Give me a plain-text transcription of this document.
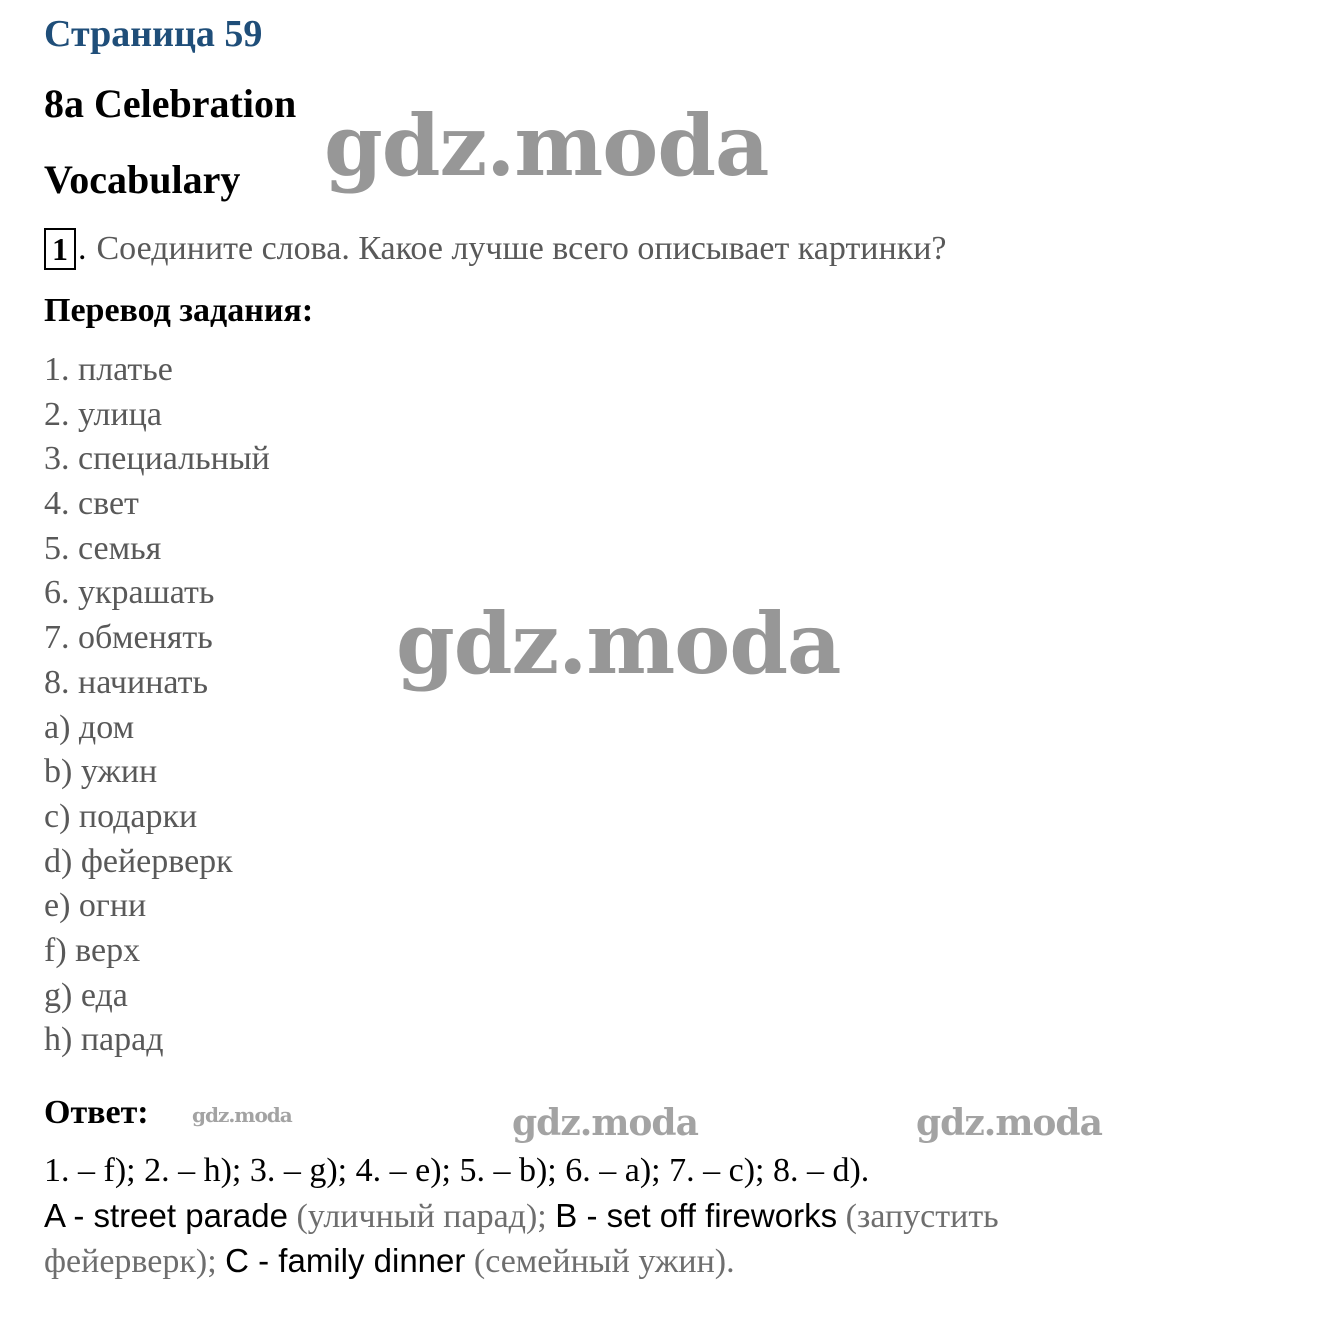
Страница 59
8a Celebration
Vocabulary gdz.moda
1 . Соедините слова. Какое лучше всего описывает картинки?
Перевод задания:
1. платье
2. улица
3. специальный
4. свет
5. семья
6. украшать
7. обменять
8. начинать
a) дом
b) ужин
c) подарки
d) фейерверк
e) огни
f) верх
g) еда
h) парад
gdz.moda
Ответ: gdz.moda	gdz.moda	gdz.moda
1. – f); 2. – h); 3. – g); 4. – e); 5. – b); 6. – a); 7. – c); 8. – d).
A - street parade (уличный парад); B - set off fireworks (запустить
фейерверк); C - family dinner (семейный ужин).
